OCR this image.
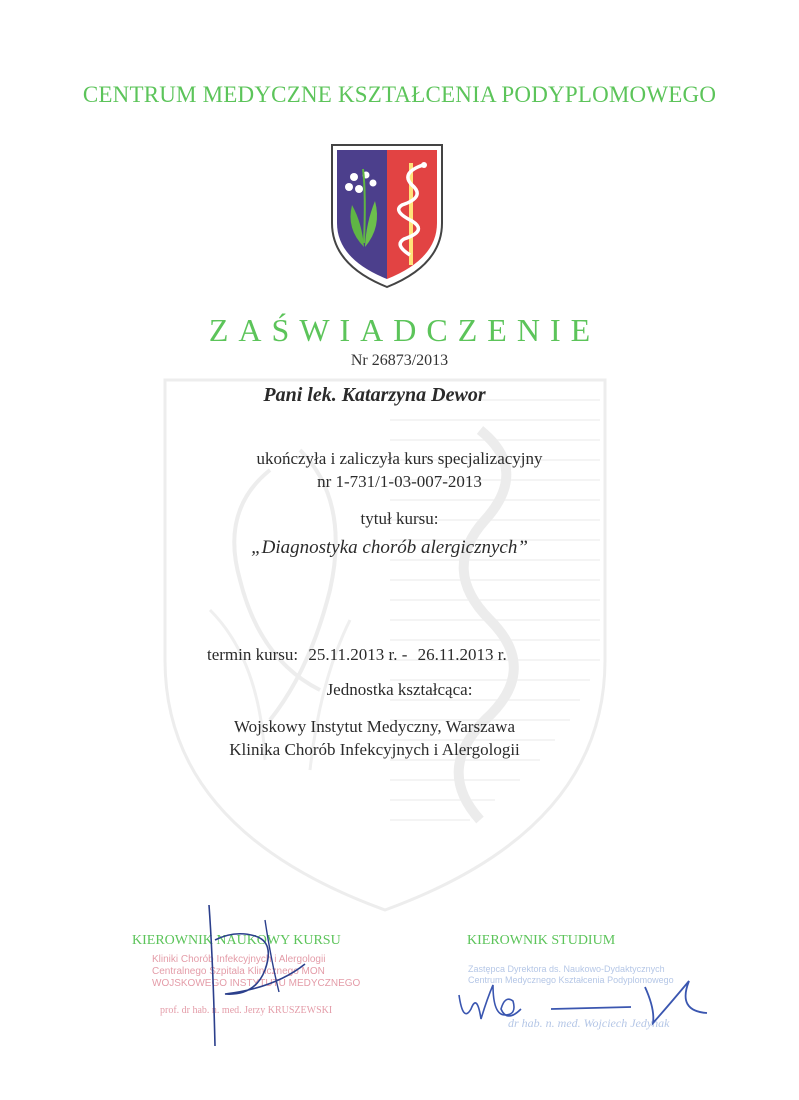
CENTRUM MEDYCZNE KSZTAŁCENIA PODYPLOMOWEGO
ZAŚWIADCZENIE
Nr 26873/2013
Pani lek. Katarzyna Dewor
ukończyła i zaliczyła kurs specjalizacyjny
nr 1-731/1-03-007-2013
tytuł kursu:
„Diagnostyka chorób alergicznych”
termin kursu: 25.11.2013 r. - 26.11.2013 r.
Jednostka kształcąca:
Wojskowy Instytut Medyczny, Warszawa
Klinika Chorób Infekcyjnych i Alergologii
KIEROWNIK NAUKOWY KURSU
Kliniki Chorób Infekcyjnych i Alergologii
Centralnego Szpitala Klinicznego MON
WOJSKOWEGO INSTYTUTU MEDYCZNEGO
prof. dr hab. n. med. Jerzy KRUSZEWSKI
KIEROWNIK STUDIUM
Zastępca Dyrektora ds. Naukowo-Dydaktycznych
Centrum Medycznego Kształcenia Podyplomowego
dr hab. n. med. Wojciech Jedynak
